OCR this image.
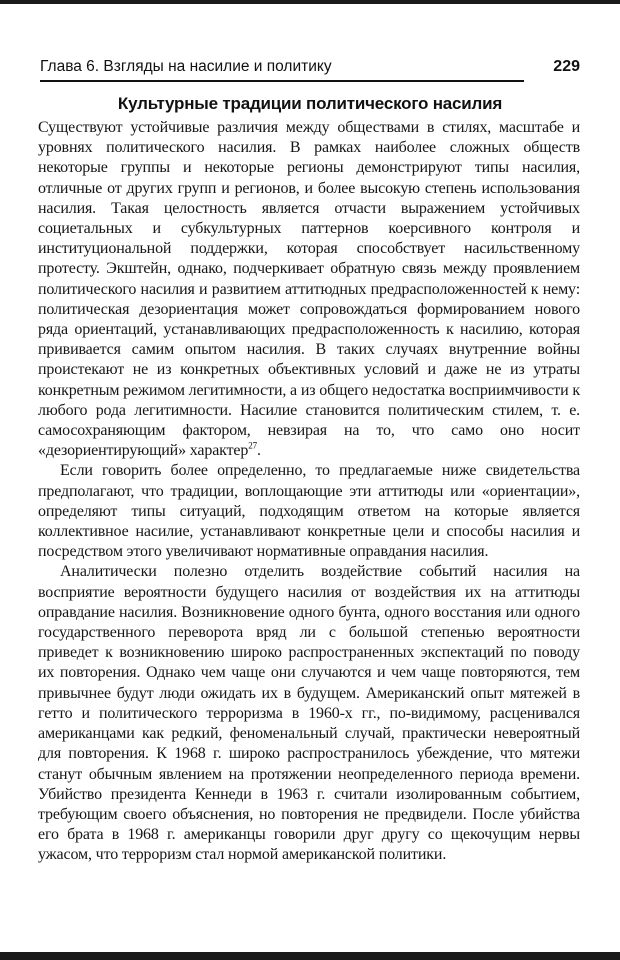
Глава 6. Взгляды на насилие и политику	229
Культурные традиции политического насилия

Существуют устойчивые различия между обществами в стилях, масштабе и уровнях политического насилия. В рамках наиболее сложных обществ некоторые группы и некоторые регионы демонстрируют типы насилия, отличные от других групп и регионов, и более высокую степень использования насилия. Такая целостность является отчасти выражением устойчивых социетальных и субкультурных паттернов коерсивного контроля и институциональной поддержки, которая способствует насильственному протесту. Экштейн, однако, подчеркивает обратную связь между проявлением политического насилия и развитием аттитюдных предрасположенностей к нему: политическая дезориентация может сопровождаться формированием нового ряда ориентаций, устанавливающих предрасположенность к насилию, которая прививается самим опытом насилия. В таких случаях внутренние войны проистекают не из конкретных объективных условий и даже не из утраты конкретным режимом легитимности, а из общего недостатка восприимчивости к любого рода легитимности. Насилие становится политическим стилем, т. е. самосохраняющим фактором, невзирая на то, что само оно носит «дезориентирующий» характер$^{27}$.

Если говорить более определенно, то предлагаемые ниже свидетельства предполагают, что традиции, воплощающие эти аттитюды или «ориентации», определяют типы ситуаций, подходящим ответом на которые является коллективное насилие, устанавливают конкретные цели и способы насилия и посредством этого увеличивают нормативные оправдания насилия.

Аналитически полезно отделить воздействие событий насилия на восприятие вероятности будущего насилия от воздействия их на аттитюды оправдание насилия. Возникновение одного бунта, одного восстания или одного государственного переворота вряд ли с большой степенью вероятности приведет к возникновению широко распространенных экспектаций по поводу их повторения. Однако чем чаще они случаются и чем чаще повторяются, тем привычнее будут люди ожидать их в будущем. Американский опыт мятежей в гетто и политического терроризма в 1960-х гг., по-видимому, расценивался американцами как редкий, феноменальный случай, практически невероятный для повторения. К 1968 г. широко распространилось убеждение, что мятежи станут обычным явлением на протяжении неопределенного периода времени. Убийство президента Кеннеди в 1963 г. считали изолированным событием, требующим своего объяснения, но повторения не предвидели. После убийства его брата в 1968 г. американцы говорили друг другу со щекочущим нервы ужасом, что терроризм стал нормой американской политики.
